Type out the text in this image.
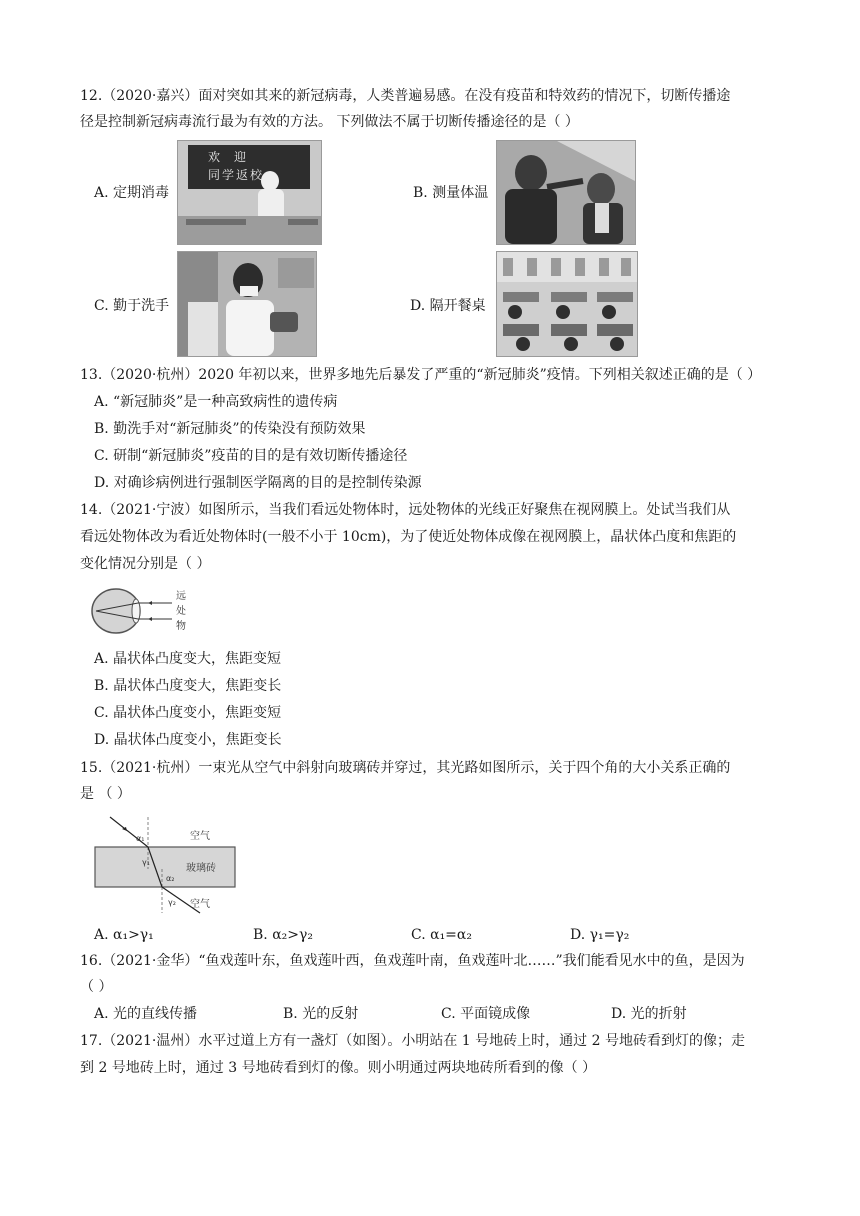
12.（2020·嘉兴）面对突如其来的新冠病毒，人类普遍易感。在没有疫苗和特效药的情况下，切断传播途
径是控制新冠病毒流行最为有效的方法。 下列做法不属于切断传播途径的是（ ）
A. 定期消毒
欢 迎
同 学 返 校
B. 测量体温
C. 勤于洗手	D. 隔开餐桌
13.（2020·杭州）2020 年初以来，世界多地先后暴发了严重的“新冠肺炎”疫情。下列相关叙述正确的是（ ）
A. “新冠肺炎”是一种高致病性的遗传病
B. 勤洗手对“新冠肺炎”的传染没有预防效果
C. 研制“新冠肺炎”疫苗的目的是有效切断传播途径
D. 对确诊病例进行强制医学隔离的目的是控制传染源
14.（2021·宁波）如图所示，当我们看远处物体时，远处物体的光线正好聚焦在视网膜上。处试当我们从
看远处物体改为看近处物体时(一般不小于 10cm)，为了使近处物体成像在视网膜上，晶状体凸度和焦距的
变化情况分别是（ ）
远
处
物
A. 晶状体凸度变大，焦距变短
B. 晶状体凸度变大，焦距变长
C. 晶状体凸度变小，焦距变短
D. 晶状体凸度变小，焦距变长
15.（2021·杭州）一束光从空气中斜射向玻璃砖并穿过，其光路如图所示，关于四个角的大小关系正确的
是 （ ）
空气
玻璃砖
空气
α₁
γ₁
α₂
γ₂
A. α₁>γ₁	B. α₂>γ₂	C. α₁=α₂	D. γ₁=γ₂
16.（2021·金华）“鱼戏莲叶东，鱼戏莲叶西，鱼戏莲叶南，鱼戏莲叶北……”我们能看见水中的鱼，是因为
（ ）
A. 光的直线传播	B. 光的反射	C. 平面镜成像	D. 光的折射
17.（2021·温州）水平过道上方有一盏灯（如图）。小明站在 1 号地砖上时，通过 2 号地砖看到灯的像；走
到 2 号地砖上时，通过 3 号地砖看到灯的像。则小明通过两块地砖所看到的像（ ）
